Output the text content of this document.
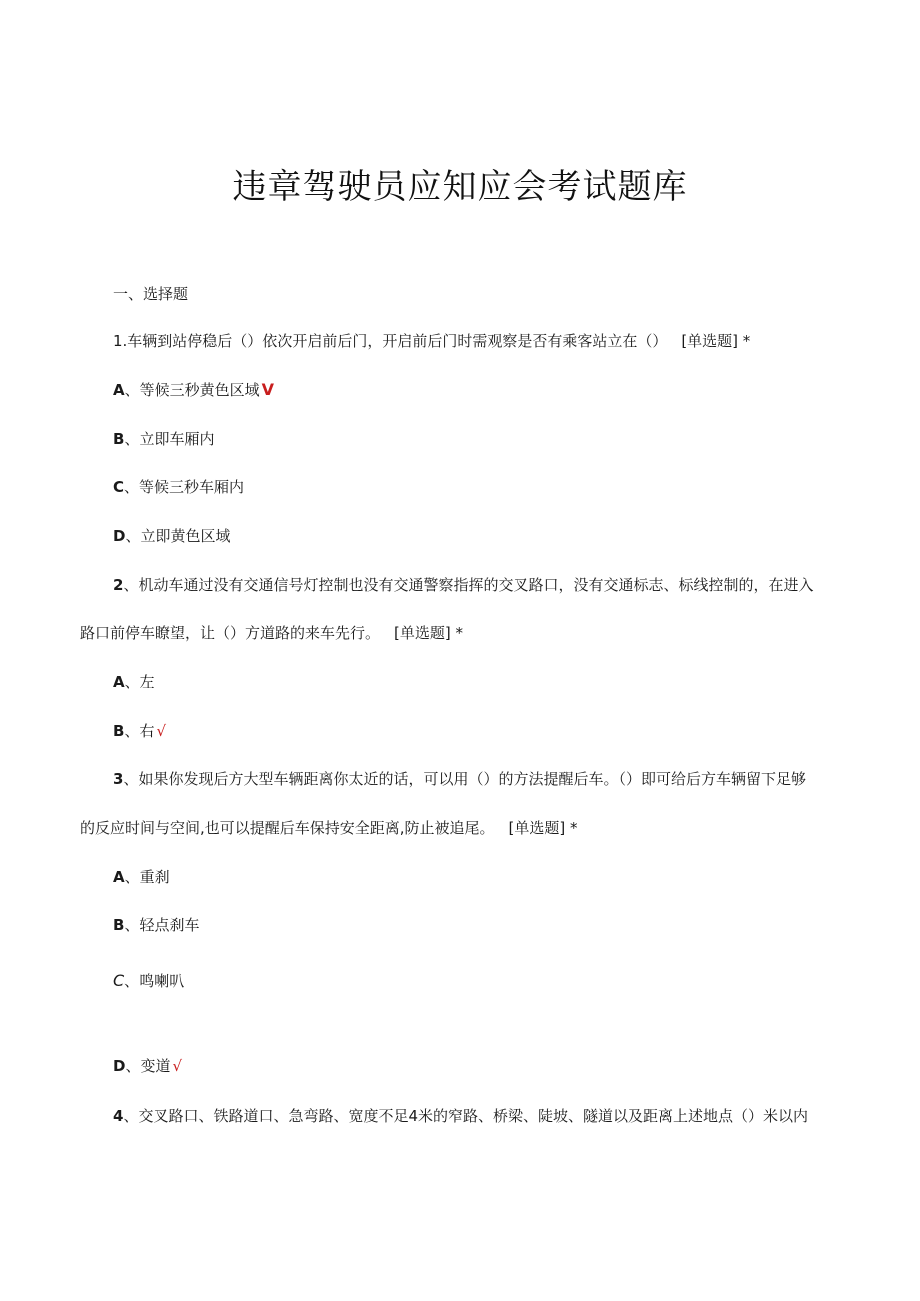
违章驾驶员应知应会考试题库
一、选择题
1.车辆到站停稳后（）依次开启前后门，开启前后门时需观察是否有乘客站立在（） [单选题] *
A、等候三秒黄色区域 V
B、立即车厢内
C、等候三秒车厢内
D、立即黄色区域
2、机动车通过没有交通信号灯控制也没有交通警察指挥的交叉路口，没有交通标志、标线控制的，在进入
路口前停车瞭望，让（）方道路的来车先行。 [单选题] *
A、左
B、右 √
3、如果你发现后方大型车辆距离你太近的话，可以用（）的方法提醒后车。（）即可给后方车辆留下足够
的反应时间与空间,也可以提醒后车保持安全距离,防止被追尾。 [单选题] *
A、重刹
B、轻点刹车
C、鸣喇叭
D、变道 √
4、交叉路口、铁路道口、急弯路、宽度不足4米的窄路、桥梁、陡坡、隧道以及距离上述地点（）米以内
